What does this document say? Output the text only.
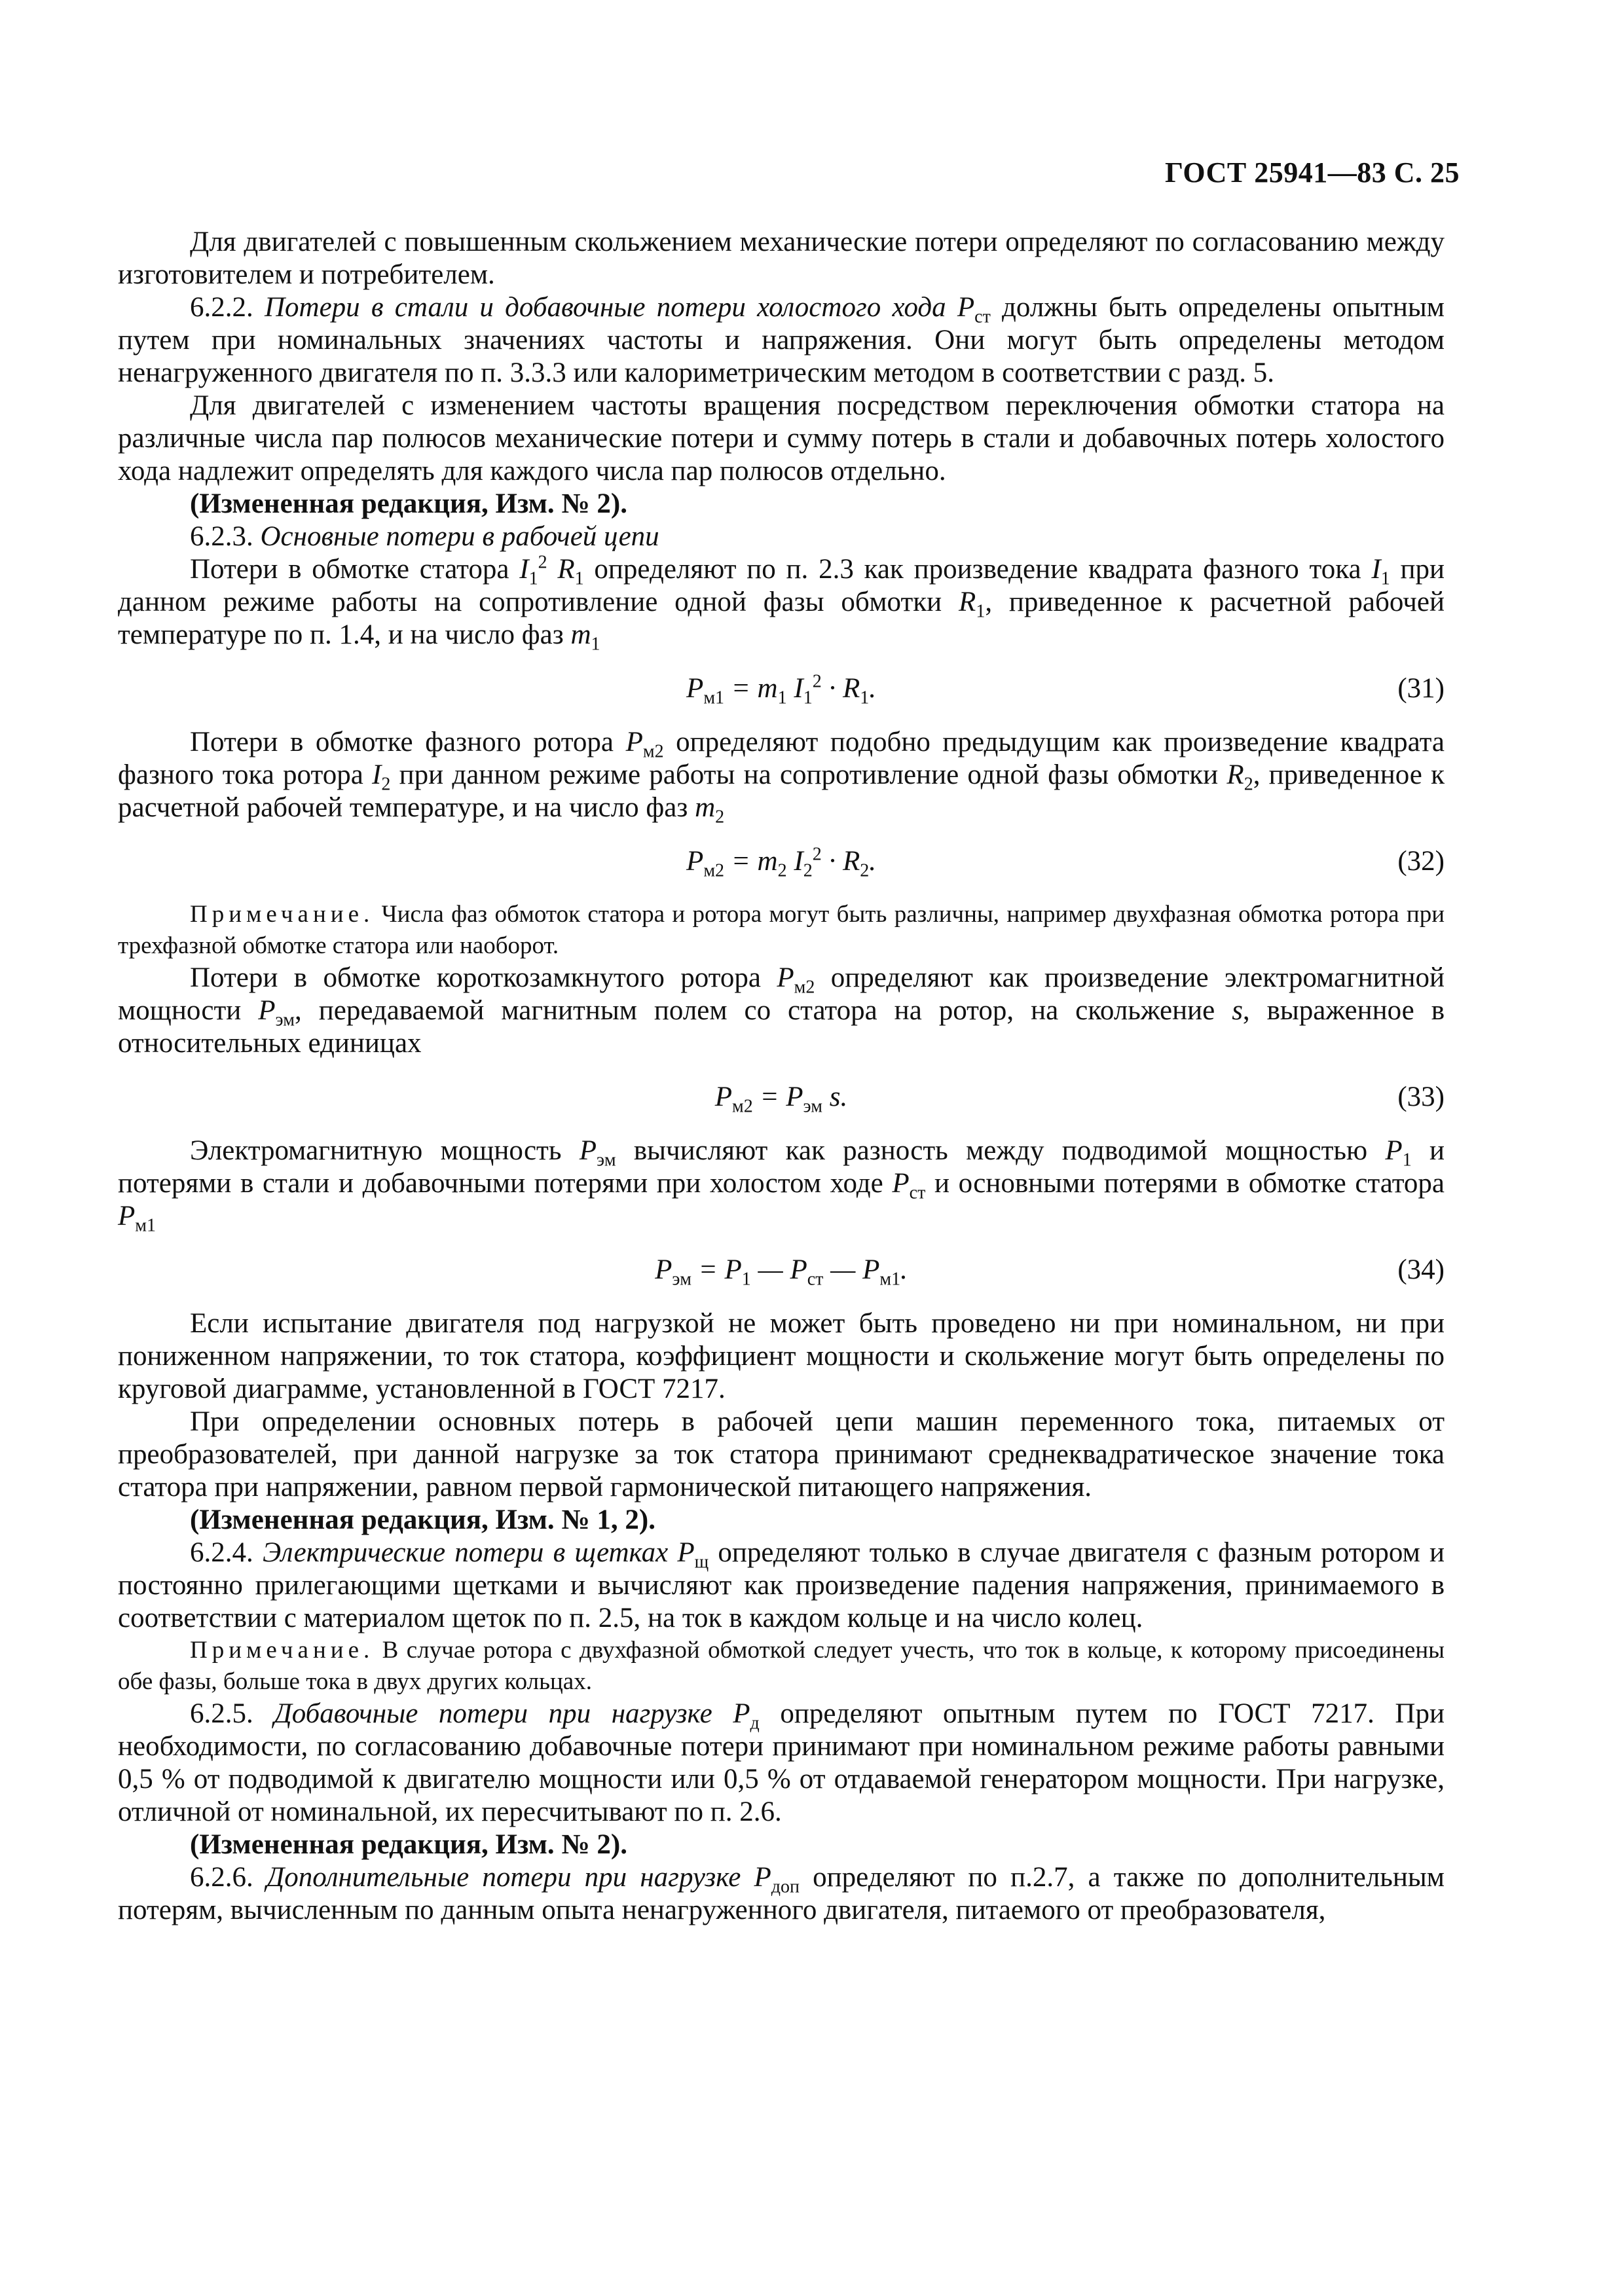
ГОСТ 25941—83 С. 25

Для двигателей с повышенным скольжением механические потери определяют по согласованию между изготовителем и потребителем.

6.2.2. Потери в стали и добавочные потери холостого хода $P_{ст}$ должны быть определены опытным путем при номинальных значениях частоты и напряжения. Они могут быть определены методом ненагруженного двигателя по п. 3.3.3 или калориметрическим методом в соответствии с разд. 5.

Для двигателей с изменением частоты вращения посредством переключения обмотки статора на различные числа пар полюсов механические потери и сумму потерь в стали и добавочных потерь холостого хода надлежит определять для каждого числа пар полюсов отдельно.

(Измененная редакция, Изм. № 2).

6.2.3. Основные потери в рабочей цепи

Потери в обмотке статора $I_1^2$ $R_1$ определяют по п. 2.3 как произведение квадрата фазного тока $I_1$ при данном режиме работы на сопротивление одной фазы обмотки $R_1$, приведенное к расчетной рабочей температуре по п. 1.4, и на число фаз $m_1$

$P_{м1} = m_1$ $I_1^2 \cdot R_1$.	(31)

Потери в обмотке фазного ротора $P_{м2}$ определяют подобно предыдущим как произведение квадрата фазного тока ротора $I_2$ при данном режиме работы на сопротивление одной фазы обмотки $R_2$, приведенное к расчетной рабочей температуре, и на число фаз $m_2$

$P_{м2} = m_2$ $I_2^2 \cdot R_2$.	(32)

Примечание. Числа фаз обмоток статора и ротора могут быть различны, например двухфазная обмотка ротора при трехфазной обмотке статора или наоборот.

Потери в обмотке короткозамкнутого ротора $P_{м2}$ определяют как произведение электромагнитной мощности $P_{эм}$, передаваемой магнитным полем со статора на ротор, на скольжение s, выраженное в относительных единицах

$P_{м2} = P_{эм}$ s.	(33)

Электромагнитную мощность $P_{эм}$ вычисляют как разность между подводимой мощностью $P_1$ и потерями в стали и добавочными потерями при холостом ходе $P_{ст}$ и основными потерями в обмотке статора $P_{м1}$

$P_{эм} = P_1$ — $P_{ст}$ — $P_{м1}$.	(34)

Если испытание двигателя под нагрузкой не может быть проведено ни при номинальном, ни при пониженном напряжении, то ток статора, коэффициент мощности и скольжение могут быть определены по круговой диаграмме, установленной в ГОСТ 7217.

При определении основных потерь в рабочей цепи машин переменного тока, питаемых от преобразователей, при данной нагрузке за ток статора принимают среднеквадратическое значение тока статора при напряжении, равном первой гармонической питающего напряжения.

(Измененная редакция, Изм. № 1, 2).

6.2.4. Электрические потери в щетках $P_щ$ определяют только в случае двигателя с фазным ротором и постоянно прилегающими щетками и вычисляют как произведение падения напряжения, принимаемого в соответствии с материалом щеток по п. 2.5, на ток в каждом кольце и на число колец.

Примечание. В случае ротора с двухфазной обмоткой следует учесть, что ток в кольце, к которому присоединены обе фазы, больше тока в двух других кольцах.

6.2.5. Добавочные потери при нагрузке $P_д$ определяют опытным путем по ГОСТ 7217. При необходимости, по согласованию добавочные потери принимают при номинальном режиме работы равными 0,5 % от подводимой к двигателю мощности или 0,5 % от отдаваемой генератором мощности. При нагрузке, отличной от номинальной, их пересчитывают по п. 2.6.

(Измененная редакция, Изм. № 2).

6.2.6. Дополнительные потери при нагрузке $P_{доп}$ определяют по п.2.7, а также по дополнительным потерям, вычисленным по данным опыта ненагруженного двигателя, питаемого от преобразователя,
